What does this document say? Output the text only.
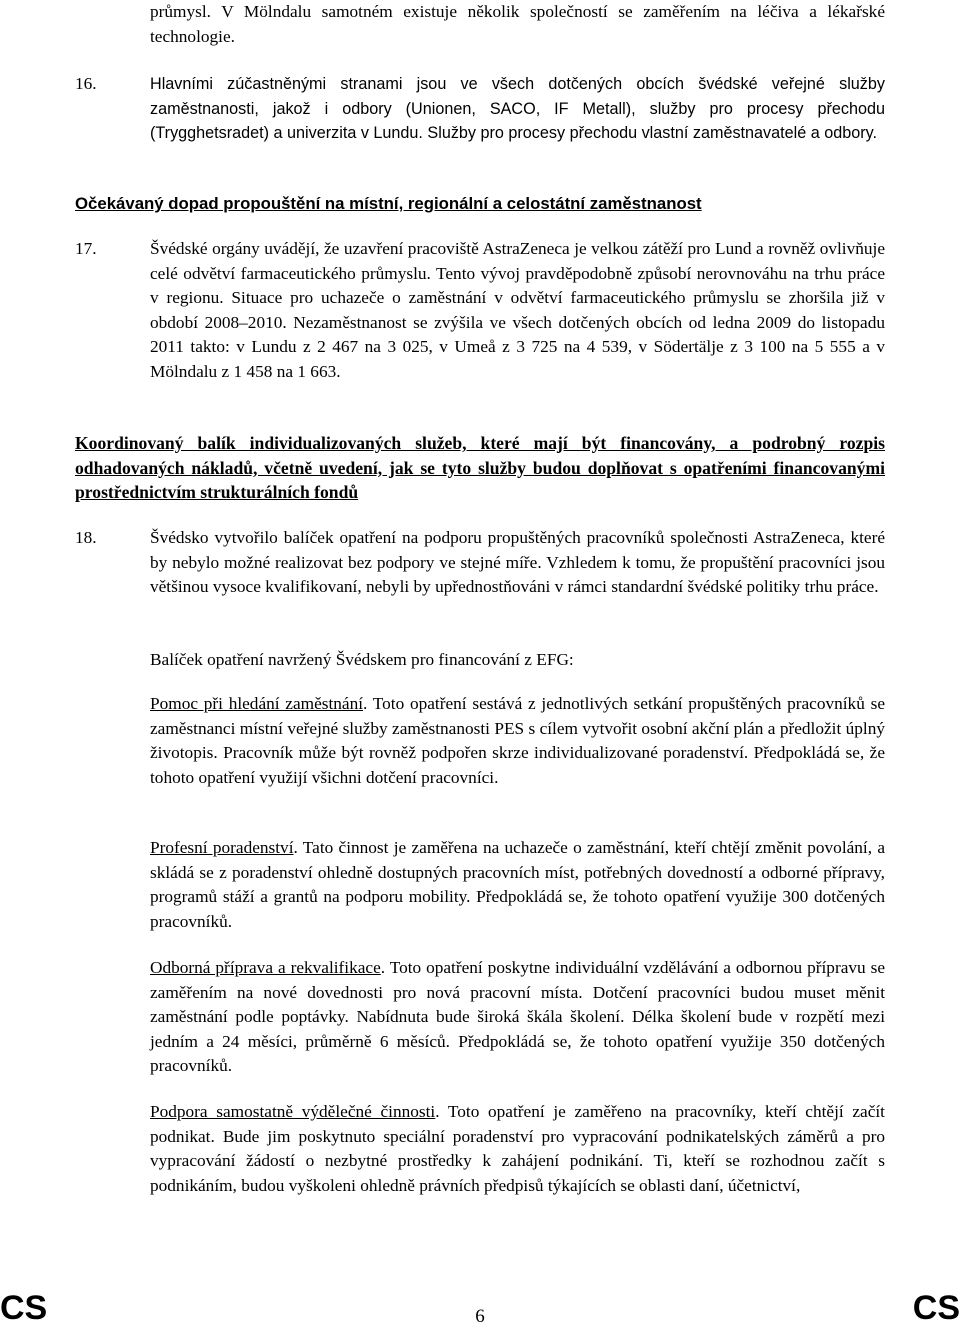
průmysl. V Mölndalu samotném existuje několik společností se zaměřením na léčiva a lékařské technologie.
16.	Hlavními zúčastněnými stranami jsou ve všech dotčených obcích švédské veřejné služby zaměstnanosti, jakož i odbory (Unionen, SACO, IF Metall), služby pro procesy přechodu (Trygghetsradet) a univerzita v Lundu. Služby pro procesy přechodu vlastní zaměstnavatelé a odbory.
Očekávaný dopad propouštění na místní, regionální a celostátní zaměstnanost
17.	Švédské orgány uvádějí, že uzavření pracoviště AstraZeneca je velkou zátěží pro Lund a rovněž ovlivňuje celé odvětví farmaceutického průmyslu. Tento vývoj pravděpodobně způsobí nerovnováhu na trhu práce v regionu. Situace pro uchazeče o zaměstnání v odvětví farmaceutického průmyslu se zhoršila již v období 2008–2010. Nezaměstnanost se zvýšila ve všech dotčených obcích od ledna 2009 do listopadu 2011 takto: v Lundu z 2 467 na 3 025, v Umeå z 3 725 na 4 539, v Södertälje z 3 100 na 5 555 a v Mölndalu z 1 458 na 1 663.
Koordinovaný balík individualizovaných služeb, které mají být financovány, a podrobný rozpis odhadovaných nákladů, včetně uvedení, jak se tyto služby budou doplňovat s opatřeními financovanými prostřednictvím strukturálních fondů
18.	Švédsko vytvořilo balíček opatření na podporu propuštěných pracovníků společnosti AstraZeneca, které by nebylo možné realizovat bez podpory ve stejné míře. Vzhledem k tomu, že propuštění pracovníci jsou většinou vysoce kvalifikovaní, nebyli by upřednostňováni v rámci standardní švédské politiky trhu práce.
Balíček opatření navržený Švédskem pro financování z EFG:
Pomoc při hledání zaměstnání. Toto opatření sestává z jednotlivých setkání propuštěných pracovníků se zaměstnanci místní veřejné služby zaměstnanosti PES s cílem vytvořit osobní akční plán a předložit úplný životopis. Pracovník může být rovněž podpořen skrze individualizované poradenství. Předpokládá se, že tohoto opatření využijí všichni dotčení pracovníci.
Profesní poradenství. Tato činnost je zaměřena na uchazeče o zaměstnání, kteří chtějí změnit povolání, a skládá se z poradenství ohledně dostupných pracovních míst, potřebných dovedností a odborné přípravy, programů stáží a grantů na podporu mobility. Předpokládá se, že tohoto opatření využije 300 dotčených pracovníků.
Odborná příprava a rekvalifikace. Toto opatření poskytne individuální vzdělávání a odbornou přípravu se zaměřením na nové dovednosti pro nová pracovní místa. Dotčení pracovníci budou muset měnit zaměstnání podle poptávky. Nabídnuta bude široká škála školení. Délka školení bude v rozpětí mezi jedním a 24 měsíci, průměrně 6 měsíců. Předpokládá se, že tohoto opatření využije 350 dotčených pracovníků.
Podpora samostatně výdělečné činnosti. Toto opatření je zaměřeno na pracovníky, kteří chtějí začít podnikat. Bude jim poskytnuto speciální poradenství pro vypracování podnikatelských záměrů a pro vypracování žádostí o nezbytné prostředky k zahájení podnikání. Ti, kteří se rozhodnou začít s podnikáním, budou vyškoleni ohledně právních předpisů týkajících se oblasti daní, účetnictví,
CS	6	CS
